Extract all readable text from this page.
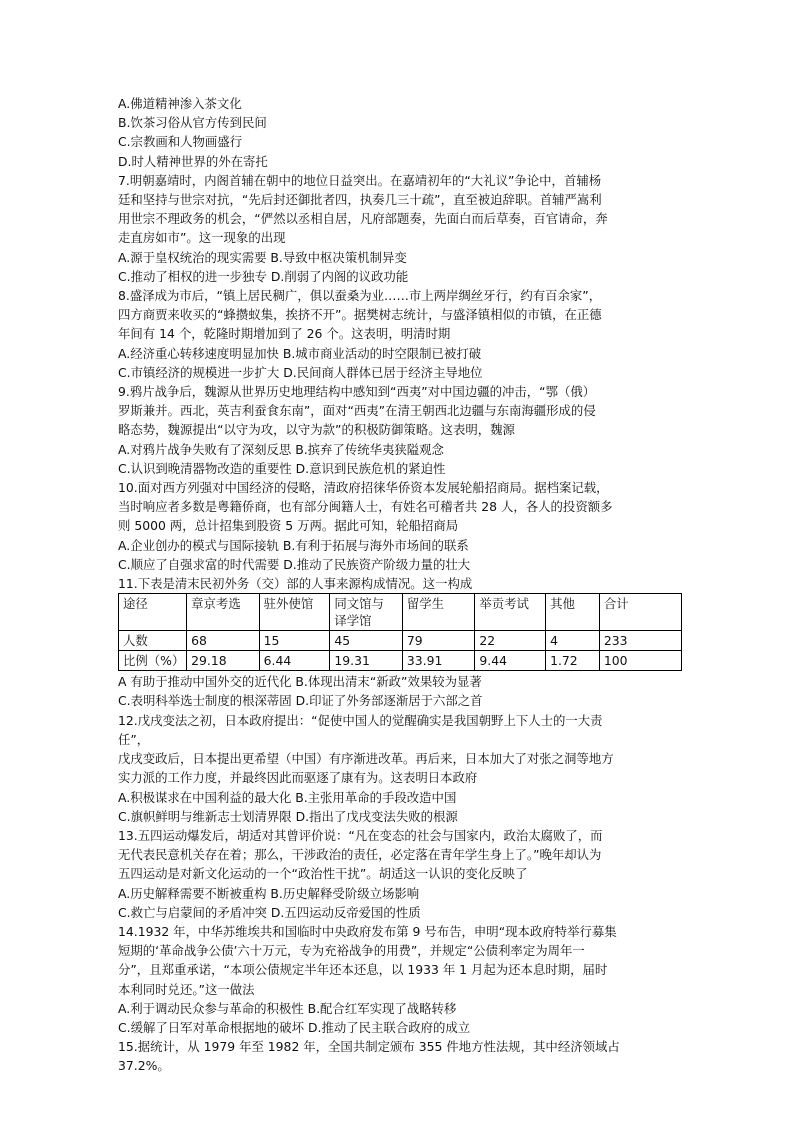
A.佛道精神渗入茶文化
B.饮茶习俗从官方传到民间
C.宗教画和人物画盛行
D.时人精神世界的外在寄托
7.明朝嘉靖时，内阁首辅在朝中的地位日益突出。在嘉靖初年的“大礼议”争论中，首辅杨
廷和坚持与世宗对抗，“先后封还御批者四，执奏几三十疏”，直至被迫辞职。首辅严嵩利
用世宗不理政务的机会，“俨然以丞相自居，凡府部题奏，先面白而后草奏，百官请命，奔
走直房如市”。这一现象的出现
A.源于皇权统治的现实需要 B.导致中枢决策机制异变
C.推动了相权的进一步独专 D.削弱了内阁的议政功能
8.盛泽成为市后，“镇上居民稠广，俱以蚕桑为业……市上两岸绸丝牙行，约有百余家”，
四方商贾来收买的“蜂攒蚁集，挨挤不开”。据樊树志统计，与盛泽镇相似的市镇，在正德
年间有 14 个，乾隆时期增加到了 26 个。这表明，明清时期
A.经济重心转移速度明显加快 B.城市商业活动的时空限制已被打破
C.市镇经济的规模进一步扩大 D.民间商人群体已居于经济主导地位
9.鸦片战争后，魏源从世界历史地理结构中感知到“西夷”对中国边疆的冲击，“鄂（俄）
罗斯兼并。西北，英吉利蚕食东南”，面对“西夷”在清王朝西北边疆与东南海疆形成的侵
略态势，魏源提出“以守为攻，以守为款”的积极防御策略。这表明，魏源
A.对鸦片战争失败有了深刻反思 B.摈弃了传统华夷狭隘观念
C.认识到晚清器物改造的重要性 D.意识到民族危机的紧迫性
10.面对西方列强对中国经济的侵略，清政府招徕华侨资本发展轮船招商局。据档案记载，
当时响应者多数是粤籍侨商，也有部分闽籍人士，有姓名可稽者共 28 人，各人的投资额多
则 5000 两，总计招集到股资 5 万两。据此可知，轮船招商局
A.企业创办的模式与国际接轨 B.有利于拓展与海外市场间的联系
C.顺应了自强求富的时代需要 D.推动了民族资产阶级力量的壮大
11.下表是清末民初外务（交）部的人事来源构成情况。这一构成
途径	章京考选	驻外使馆	同文馆与
译学馆	留学生	举贡考试	其他	合计
人数	68	15	45	79	22	4	233
比例（%）	29.18	6.44	19.31	33.91	9.44	1.72	100
A 有助于推动中国外交的近代化 B.体现出清末“新政”效果较为显著
C.表明科举选士制度的根深蒂固 D.印证了外务部逐渐居于六部之首
12.戊戌变法之初，日本政府提出：“促使中国人的觉醒确实是我国朝野上下人士的一大责
任”，
戊戌变政后，日本提出更希望（中国）有序渐进改革。再后来，日本加大了对张之洞等地方
实力派的工作力度，并最终因此而驱逐了康有为。这表明日本政府
A.积极谋求在中国利益的最大化 B.主张用革命的手段改造中国
C.旗帜鲜明与维新志士划清界限 D.指出了戊戌变法失败的根源
13.五四运动爆发后，胡适对其曾评价说：“凡在变态的社会与国家内，政治太腐败了，而
无代表民意机关存在着；那么，干涉政治的责任，必定落在青年学生身上了。”晚年却认为
五四运动是对新文化运动的一个“政治性干扰”。胡适这一认识的变化反映了
A.历史解释需要不断被重构 B.历史解释受阶级立场影响
C.救亡与启蒙间的矛盾冲突 D.五四运动反帝爱国的性质
14.1932 年，中华苏维埃共和国临时中央政府发布第 9 号布告，申明“现本政府特举行募集
短期的‘革命战争公债’六十万元，专为充裕战争的用费”，并规定“公债利率定为周年一
分”，且郑重承诺，“本项公债规定半年还本还息，以 1933 年 1 月起为还本息时期，届时
本利同时兑还。”这一做法
A.利于调动民众参与革命的积极性 B.配合红军实现了战略转移
C.缓解了日军对革命根据地的破坏 D.推动了民主联合政府的成立
15.据统计，从 1979 年至 1982 年，全国共制定颁布 355 件地方性法规，其中经济领域占
37.2%。
